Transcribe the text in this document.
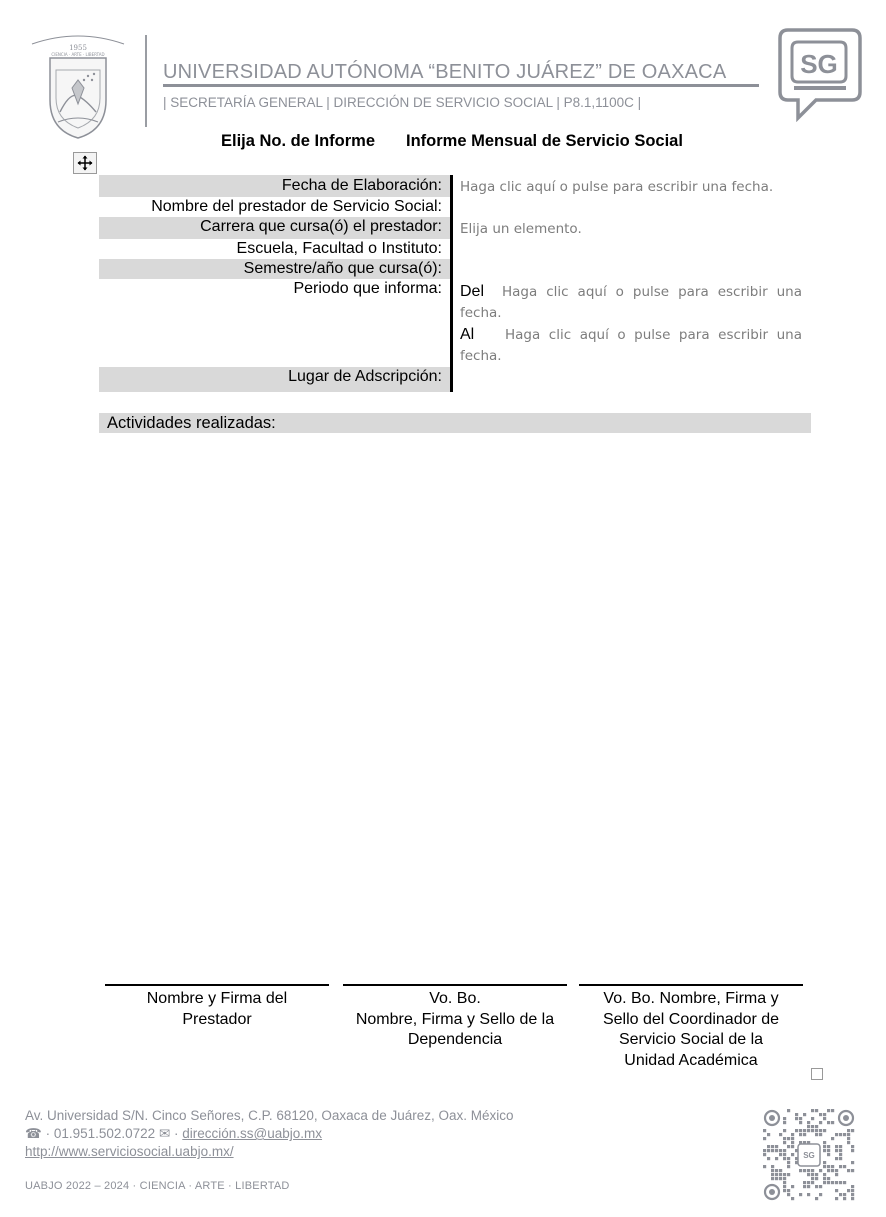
1955
CIENCIA · ARTE · LIBERTAD
UNIVERSIDAD AUTÓNOMA “BENITO JUÁREZ” DE OAXACA
| SECRETARÍA GENERAL | DIRECCIÓN DE SERVICIO SOCIAL | P8.1,1100C |
SG
Elija No. de Informe Informe Mensual de Servicio Social
Fecha de Elaboración:	Haga clic aquí o pulse para escribir una fecha.
Nombre del prestador de Servicio Social:
Carrera que cursa(ó) el prestador:	Elija un elemento.
Escuela, Facultad o Instituto:
Semestre/año que cursa(ó):
Periodo que informa:	Del Haga clic aquí o pulse para escribir una fecha.

Al Haga clic aquí o pulse para escribir una fecha.

Lugar de Adscripción:
Actividades realizadas:
Nombre y Firma del
Prestador
Vo. Bo.
Nombre, Firma y Sello de la
Dependencia
Vo. Bo. Nombre, Firma y
Sello del Coordinador de
Servicio Social de la
Unidad Académica
Av. Universidad S/N. Cinco Señores, C.P. 68120, Oaxaca de Juárez, Oax. México
☎ · 01.951.502.0722 ✉ · dirección.ss@uabjo.mx
http://www.serviciosocial.uabjo.mx/
UABJO 2022 – 2024 · CIENCIA · ARTE · LIBERTAD
SG
